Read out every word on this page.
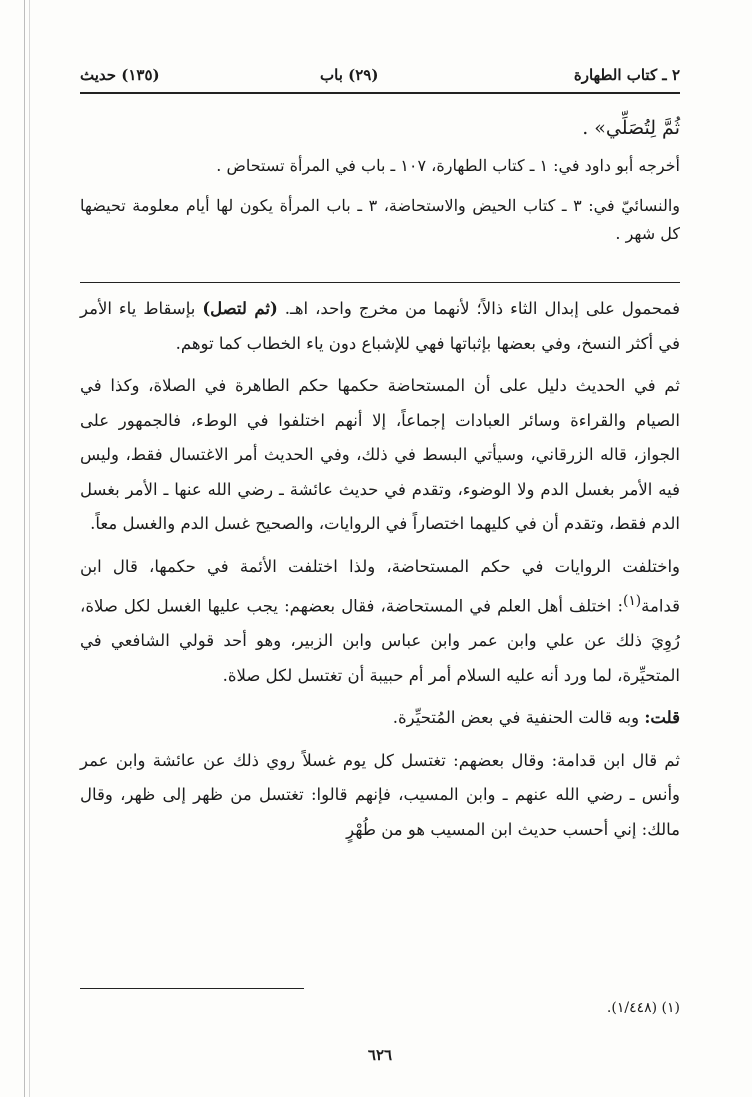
٢ ـ كتاب الطهارة
(٢٩) باب
(١٣٥) حديث

ثُمَّ لِتُصَلِّي» .

أخرجه أبو داود في: ١ ـ كتاب الطهارة، ١٠٧ ـ باب في المرأة تستحاض .

والنسائيّ في: ٣ ـ كتاب الحيض والاستحاضة، ٣ ـ باب المرأة يكون لها أيام معلومة تحيضها كل شهر .

فمحمول على إبدال الثاء ذالاً؛ لأنهما من مخرج واحد، اهـ. (ثم لتصل) بإسقاط ياء الأمر في أكثر النسخ، وفي بعضها بإثباتها فهي للإشباع دون ياء الخطاب كما توهم.

ثم في الحديث دليل على أن المستحاضة حكمها حكم الطاهرة في الصلاة، وكذا في الصيام والقراءة وسائر العبادات إجماعاً، إلا أنهم اختلفوا في الوطء، فالجمهور على الجواز، قاله الزرقاني، وسيأتي البسط في ذلك، وفي الحديث أمر الاغتسال فقط، وليس فيه الأمر بغسل الدم ولا الوضوء، وتقدم في حديث عائشة ـ رضي الله عنها ـ الأمر بغسل الدم فقط، وتقدم أن في كليهما اختصاراً في الروايات، والصحيح غسل الدم والغسل معاً.

واختلفت الروايات في حكم المستحاضة، ولذا اختلفت الأئمة في حكمها، قال ابن قدامة$^{(١)}$: اختلف أهل العلم في المستحاضة، فقال بعضهم: يجب عليها الغسل لكل صلاة، رُوِيَ ذلك عن علي وابن عمر وابن عباس وابن الزبير، وهو أحد قولي الشافعي في المتحيِّرة، لما ورد أنه عليه السلام أمر أم حبيبة أن تغتسل لكل صلاة.

قلت: وبه قالت الحنفية في بعض المُتحيِّرة.

ثم قال ابن قدامة: وقال بعضهم: تغتسل كل يوم غسلاً روي ذلك عن عائشة وابن عمر وأنس ـ رضي الله عنهم ـ وابن المسيب، فإنهم قالوا: تغتسل من ظهر إلى ظهر، وقال مالك: إني أحسب حديث ابن المسيب هو من طُهْرٍ

(١) (١/٤٤٨).
٦٢٦
